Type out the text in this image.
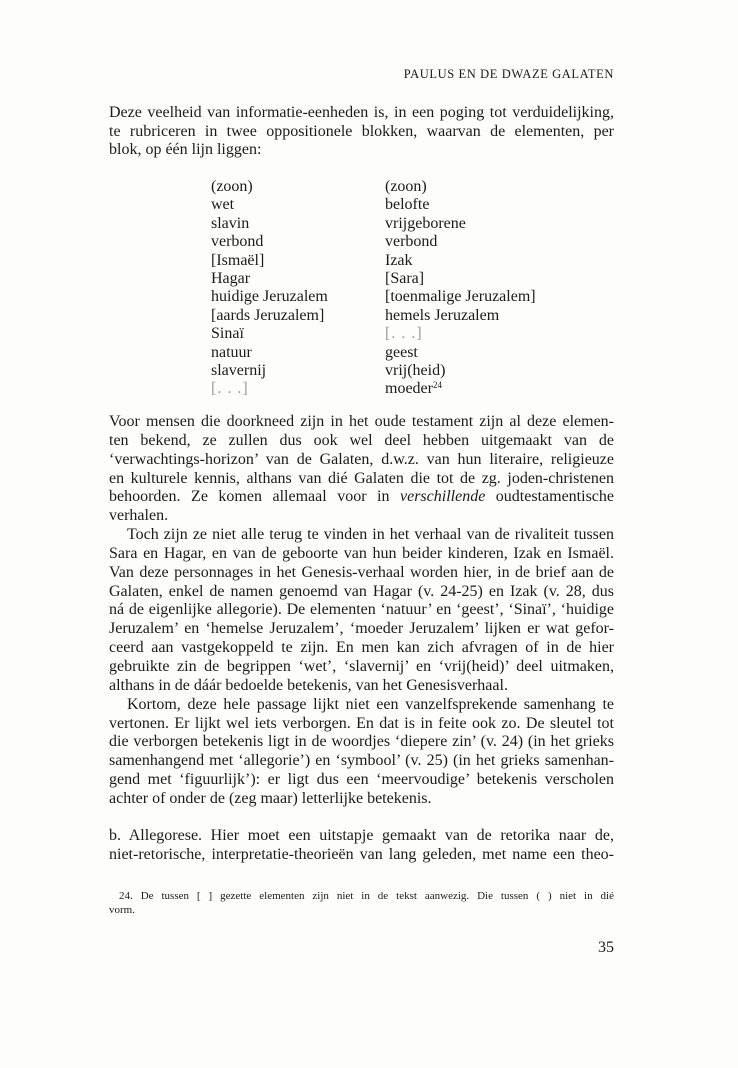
PAULUS EN DE DWAZE GALATEN
Deze veelheid van informatie-eenheden is, in een poging tot verduidelijking,
te rubriceren in twee oppositionele blokken, waarvan de elementen, per
blok, op één lijn liggen:
(zoon)
wet
slavin
verbond
[Ismaël]
Hagar
huidige Jeruzalem
[aards Jeruzalem]
Sinaï
natuur
slavernij
[. . .]
(zoon)
belofte
vrijgeborene
verbond
Izak
[Sara]
[toenmalige Jeruzalem]
hemels Jeruzalem
[. . .]
geest
vrij(heid)
moeder$^{24}$
Voor mensen die doorkneed zijn in het oude testament zijn al deze elemen-
ten bekend, ze zullen dus ook wel deel hebben uitgemaakt van de
‘verwachtings-horizon’ van de Galaten, d.w.z. van hun literaire, religieuze
en kulturele kennis, althans van dié Galaten die tot de zg. joden-christenen
behoorden. Ze komen allemaal voor in verschillende oudtestamentische
verhalen.
Toch zijn ze niet alle terug te vinden in het verhaal van de rivaliteit tussen
Sara en Hagar, en van de geboorte van hun beider kinderen, Izak en Ismaël.
Van deze personnages in het Genesis-verhaal worden hier, in de brief aan de
Galaten, enkel de namen genoemd van Hagar (v. 24-25) en Izak (v. 28, dus
ná de eigenlijke allegorie). De elementen ‘natuur’ en ‘geest’, ‘Sinaï’, ‘huidige
Jeruzalem’ en ‘hemelse Jeruzalem’, ‘moeder Jeruzalem’ lijken er wat gefor-
ceerd aan vastgekoppeld te zijn. En men kan zich afvragen of in de hier
gebruikte zin de begrippen ‘wet’, ‘slavernij’ en ‘vrij(heid)’ deel uitmaken,
althans in de dáár bedoelde betekenis, van het Genesisverhaal.
Kortom, deze hele passage lijkt niet een vanzelfsprekende samenhang te
vertonen. Er lijkt wel iets verborgen. En dat is in feite ook zo. De sleutel tot
die verborgen betekenis ligt in de woordjes ‘diepere zin’ (v. 24) (in het grieks
samenhangend met ‘allegorie’) en ‘symbool’ (v. 25) (in het grieks samenhan-
gend met ‘figuurlijk’): er ligt dus een ‘meervoudige’ betekenis verscholen
achter of onder de (zeg maar) letterlijke betekenis.
b. Allegorese. Hier moet een uitstapje gemaakt van de retorika naar de,
niet-retorische, interpretatie-theorieën van lang geleden, met name een theo-
24. De tussen [ ] gezette elementen zijn niet in de tekst aanwezig. Die tussen ( ) niet in dié
vorm.
35
